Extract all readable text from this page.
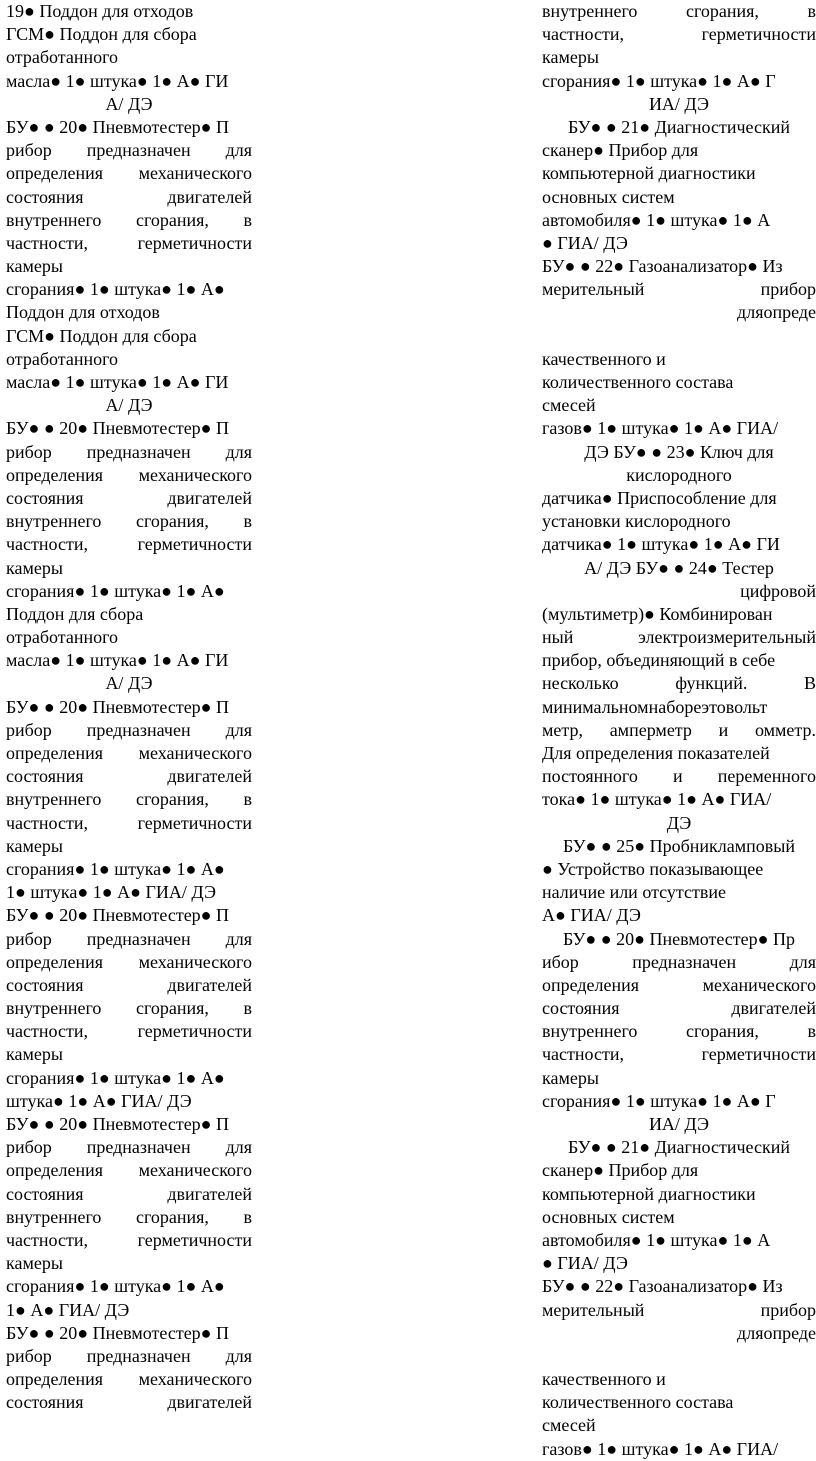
19● Поддон для отходов
ГСМ● Поддон для сбора
отработанного
масла● 1● штука● 1● А● ГИ
А/ ДЭ
БУ● ● 20● Пневмотестер● П
рибор предназначен для
определения механического
состояния двигателей
внутреннего сгорания, в
частности, герметичности
камеры
сгорания● 1● штука● 1● А●
Поддон для отходов
ГСМ● Поддон для сбора
отработанного
масла● 1● штука● 1● А● ГИ
А/ ДЭ
БУ● ● 20● Пневмотестер● П
рибор предназначен для
определения механического
состояния двигателей
внутреннего сгорания, в
частности, герметичности
камеры
сгорания● 1● штука● 1● А●
Поддон для сбора
отработанного
масла● 1● штука● 1● А● ГИ
А/ ДЭ
БУ● ● 20● Пневмотестер● П
рибор предназначен для
определения механического
состояния двигателей
внутреннего сгорания, в
частности, герметичности
камеры
сгорания● 1● штука● 1● А●
1● штука● 1● А● ГИА/ ДЭ
БУ● ● 20● Пневмотестер● П
рибор предназначен для
определения механического
состояния двигателей
внутреннего сгорания, в
частности, герметичности
камеры
сгорания● 1● штука● 1● А●
штука● 1● А● ГИА/ ДЭ
БУ● ● 20● Пневмотестер● П
рибор предназначен для
определения механического
состояния двигателей
внутреннего сгорания, в
частности, герметичности
камеры
сгорания● 1● штука● 1● А●
1● А● ГИА/ ДЭ
БУ● ● 20● Пневмотестер● П
рибор предназначен для
определения механического
состояния двигателей
внутреннего сгорания, в
частности, герметичности
камеры
сгорания● 1● штука● 1● А● Г
ИА/ ДЭ
БУ● ● 21● Диагностический
сканер● Прибор для
компьютерной диагностики
основных систем
автомобиля● 1● штука● 1● А
● ГИА/ ДЭ
БУ● ● 22● Газоанализатор● Из
мерительный прибор
дляопреде
качественного и
количественного состава
смесей
газов● 1● штука● 1● А● ГИА/
ДЭ БУ● ● 23● Ключ для
кислородного
датчика● Приспособление для
установки кислородного
датчика● 1● штука● 1● А● ГИ
А/ ДЭ БУ● ● 24● Тестер
цифровой
(мультиметр)● Комбинирован
ный электроизмерительный
прибор, объединяющий в себе
несколько функций. В
минимальномнабореэтовольт
метр, амперметр и омметр.
Для определения показателей
постоянного и переменного
тока● 1● штука● 1● А● ГИА/
ДЭ
БУ● ● 25● Пробникламповый
● Устройство показывающее
наличие или отсутствие
А● ГИА/ ДЭ
БУ● ● 20● Пневмотестер● Пр
ибор предназначен для
определения механического
состояния двигателей
внутреннего сгорания, в
частности, герметичности
камеры
сгорания● 1● штука● 1● А● Г
ИА/ ДЭ
БУ● ● 21● Диагностический
сканер● Прибор для
компьютерной диагностики
основных систем
автомобиля● 1● штука● 1● А
● ГИА/ ДЭ
БУ● ● 22● Газоанализатор● Из
мерительный прибор
дляопреде
качественного и
количественного состава
смесей
газов● 1● штука● 1● А● ГИА/
